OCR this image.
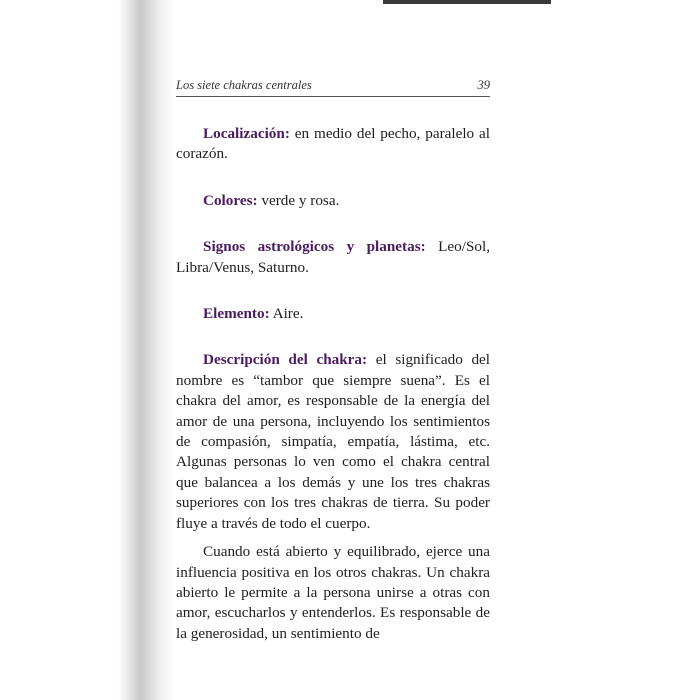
Los siete chakras centrales	39

Localización: en medio del pecho, paralelo al corazón.

Colores: verde y rosa.

Signos astrológicos y planetas: Leo/Sol, Libra/Venus, Saturno.

Elemento: Aire.

Descripción del chakra: el significado del nombre es “tambor que siempre suena”. Es el chakra del amor, es responsable de la energía del amor de una persona, incluyendo los sentimientos de compasión, simpatía, empatía, lástima, etc. Algunas personas lo ven como el chakra central que balancea a los demás y une los tres chakras superiores con los tres chakras de tierra. Su poder fluye a través de todo el cuerpo.

Cuando está abierto y equilibrado, ejerce una influencia positiva en los otros chakras. Un chakra abierto le permite a la persona unirse a otras con amor, escucharlos y entenderlos. Es responsable de la generosidad, un sentimiento de
